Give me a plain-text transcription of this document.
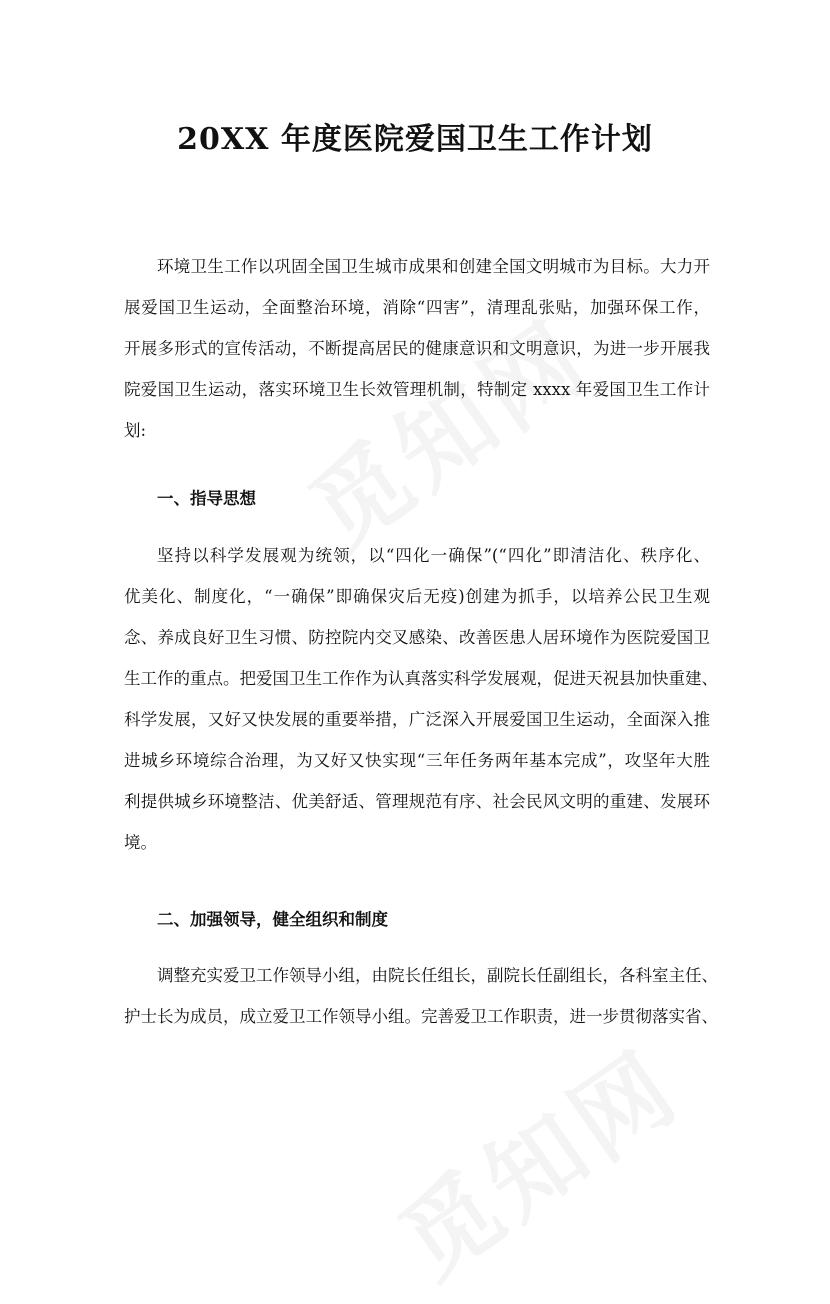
20XX 年度医院爱国卫生工作计划
环境卫生工作以巩固全国卫生城市成果和创建全国文明城市为目标。大力开
展爱国卫生运动，全面整治环境，消除“四害”，清理乱张贴，加强环保工作，
开展多形式的宣传活动，不断提高居民的健康意识和文明意识，为进一步开展我
院爱国卫生运动，落实环境卫生长效管理机制，特制定 xxxx 年爱国卫生工作计
划:
一、指导思想
坚持以科学发展观为统领，以“四化一确保”(“四化”即清洁化、秩序化、
优美化、制度化，“一确保”即确保灾后无疫)创建为抓手，以培养公民卫生观
念、养成良好卫生习惯、防控院内交叉感染、改善医患人居环境作为医院爱国卫
生工作的重点。把爱国卫生工作作为认真落实科学发展观，促进天祝县加快重建、
科学发展，又好又快发展的重要举措，广泛深入开展爱国卫生运动，全面深入推
进城乡环境综合治理，为又好又快实现“三年任务两年基本完成”，攻坚年大胜
利提供城乡环境整洁、优美舒适、管理规范有序、社会民风文明的重建、发展环
境。
二、加强领导，健全组织和制度
调整充实爱卫工作领导小组，由院长任组长，副院长任副组长，各科室主任、
护士长为成员，成立爱卫工作领导小组。完善爱卫工作职责，进一步贯彻落实省、
